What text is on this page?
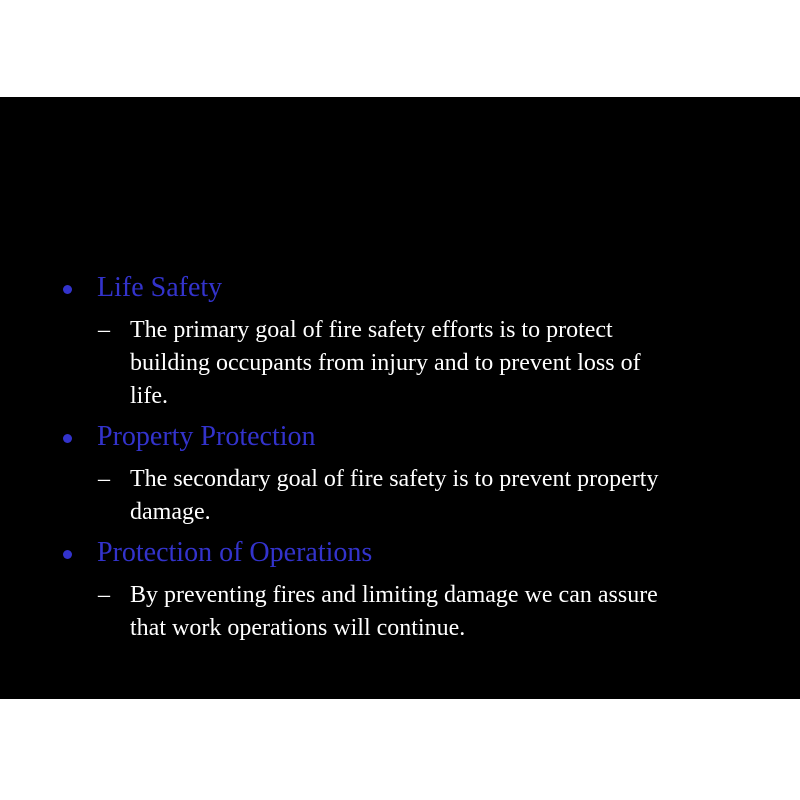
Life Safety
– The primary goal of fire safety efforts is to protect
building occupants from injury and to prevent loss of
life.
Property Protection
– The secondary goal of fire safety is to prevent property
damage.
Protection of Operations
– By preventing fires and limiting damage we can assure
that work operations will continue.
